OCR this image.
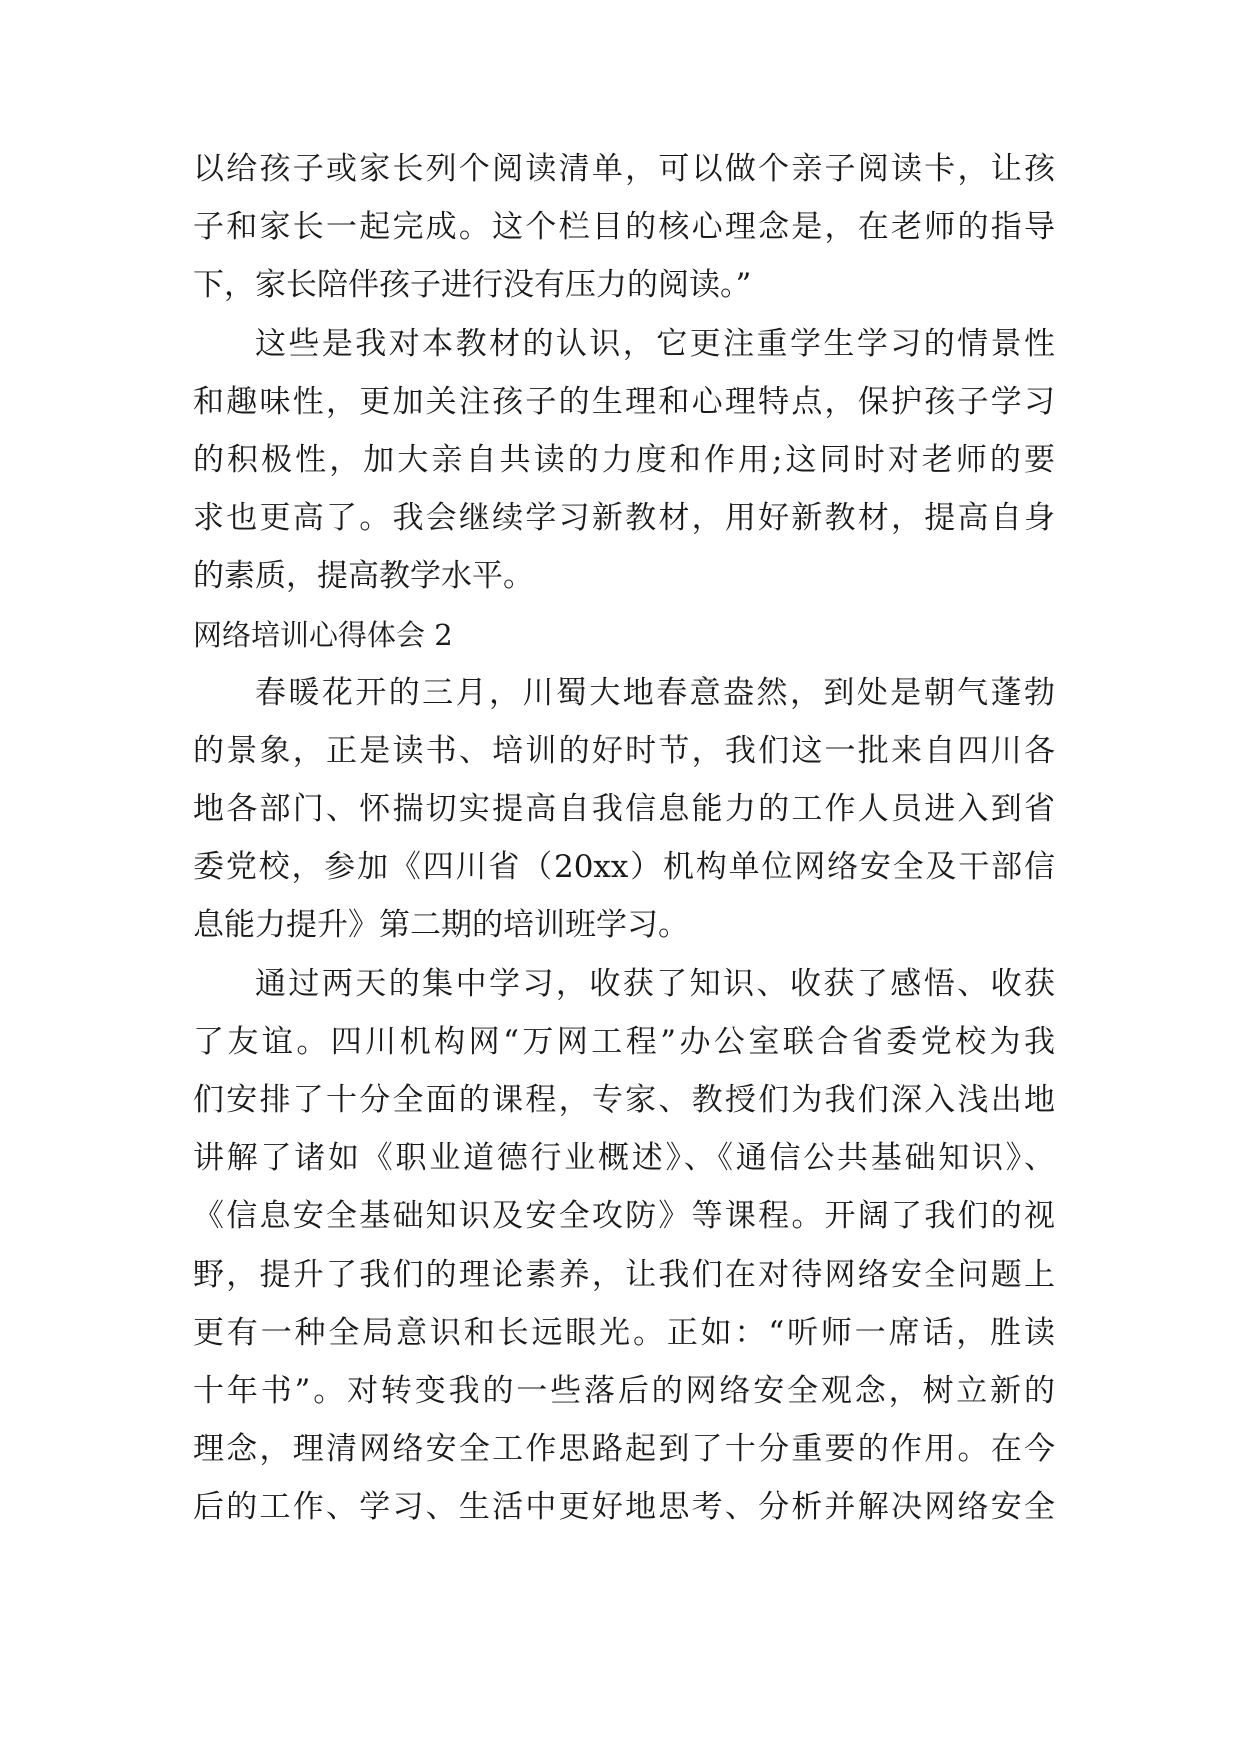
以给孩子或家长列个阅读清单，可以做个亲子阅读卡，让孩
子和家长一起完成。这个栏目的核心理念是，在老师的指导
下，家长陪伴孩子进行没有压力的阅读。”
这些是我对本教材的认识，它更注重学生学习的情景性
和趣味性，更加关注孩子的生理和心理特点，保护孩子学习
的积极性，加大亲自共读的力度和作用;这同时对老师的要
求也更高了。我会继续学习新教材，用好新教材，提高自身
的素质，提高教学水平。
网络培训心得体会 2
春暖花开的三月，川蜀大地春意盎然，到处是朝气蓬勃
的景象，正是读书、培训的好时节，我们这一批来自四川各
地各部门、怀揣切实提高自我信息能力的工作人员进入到省
委党校，参加《四川省（20xx）机构单位网络安全及干部信
息能力提升》第二期的培训班学习。
通过两天的集中学习，收获了知识、收获了感悟、收获
了友谊。四川机构网“万网工程”办公室联合省委党校为我
们安排了十分全面的课程，专家、教授们为我们深入浅出地
讲解了诸如《职业道德行业概述》、《通信公共基础知识》、
《信息安全基础知识及安全攻防》等课程。开阔了我们的视
野，提升了我们的理论素养，让我们在对待网络安全问题上
更有一种全局意识和长远眼光。正如：“听师一席话，胜读
十年书”。对转变我的一些落后的网络安全观念，树立新的
理念，理清网络安全工作思路起到了十分重要的作用。在今
后的工作、学习、生活中更好地思考、分析并解决网络安全
